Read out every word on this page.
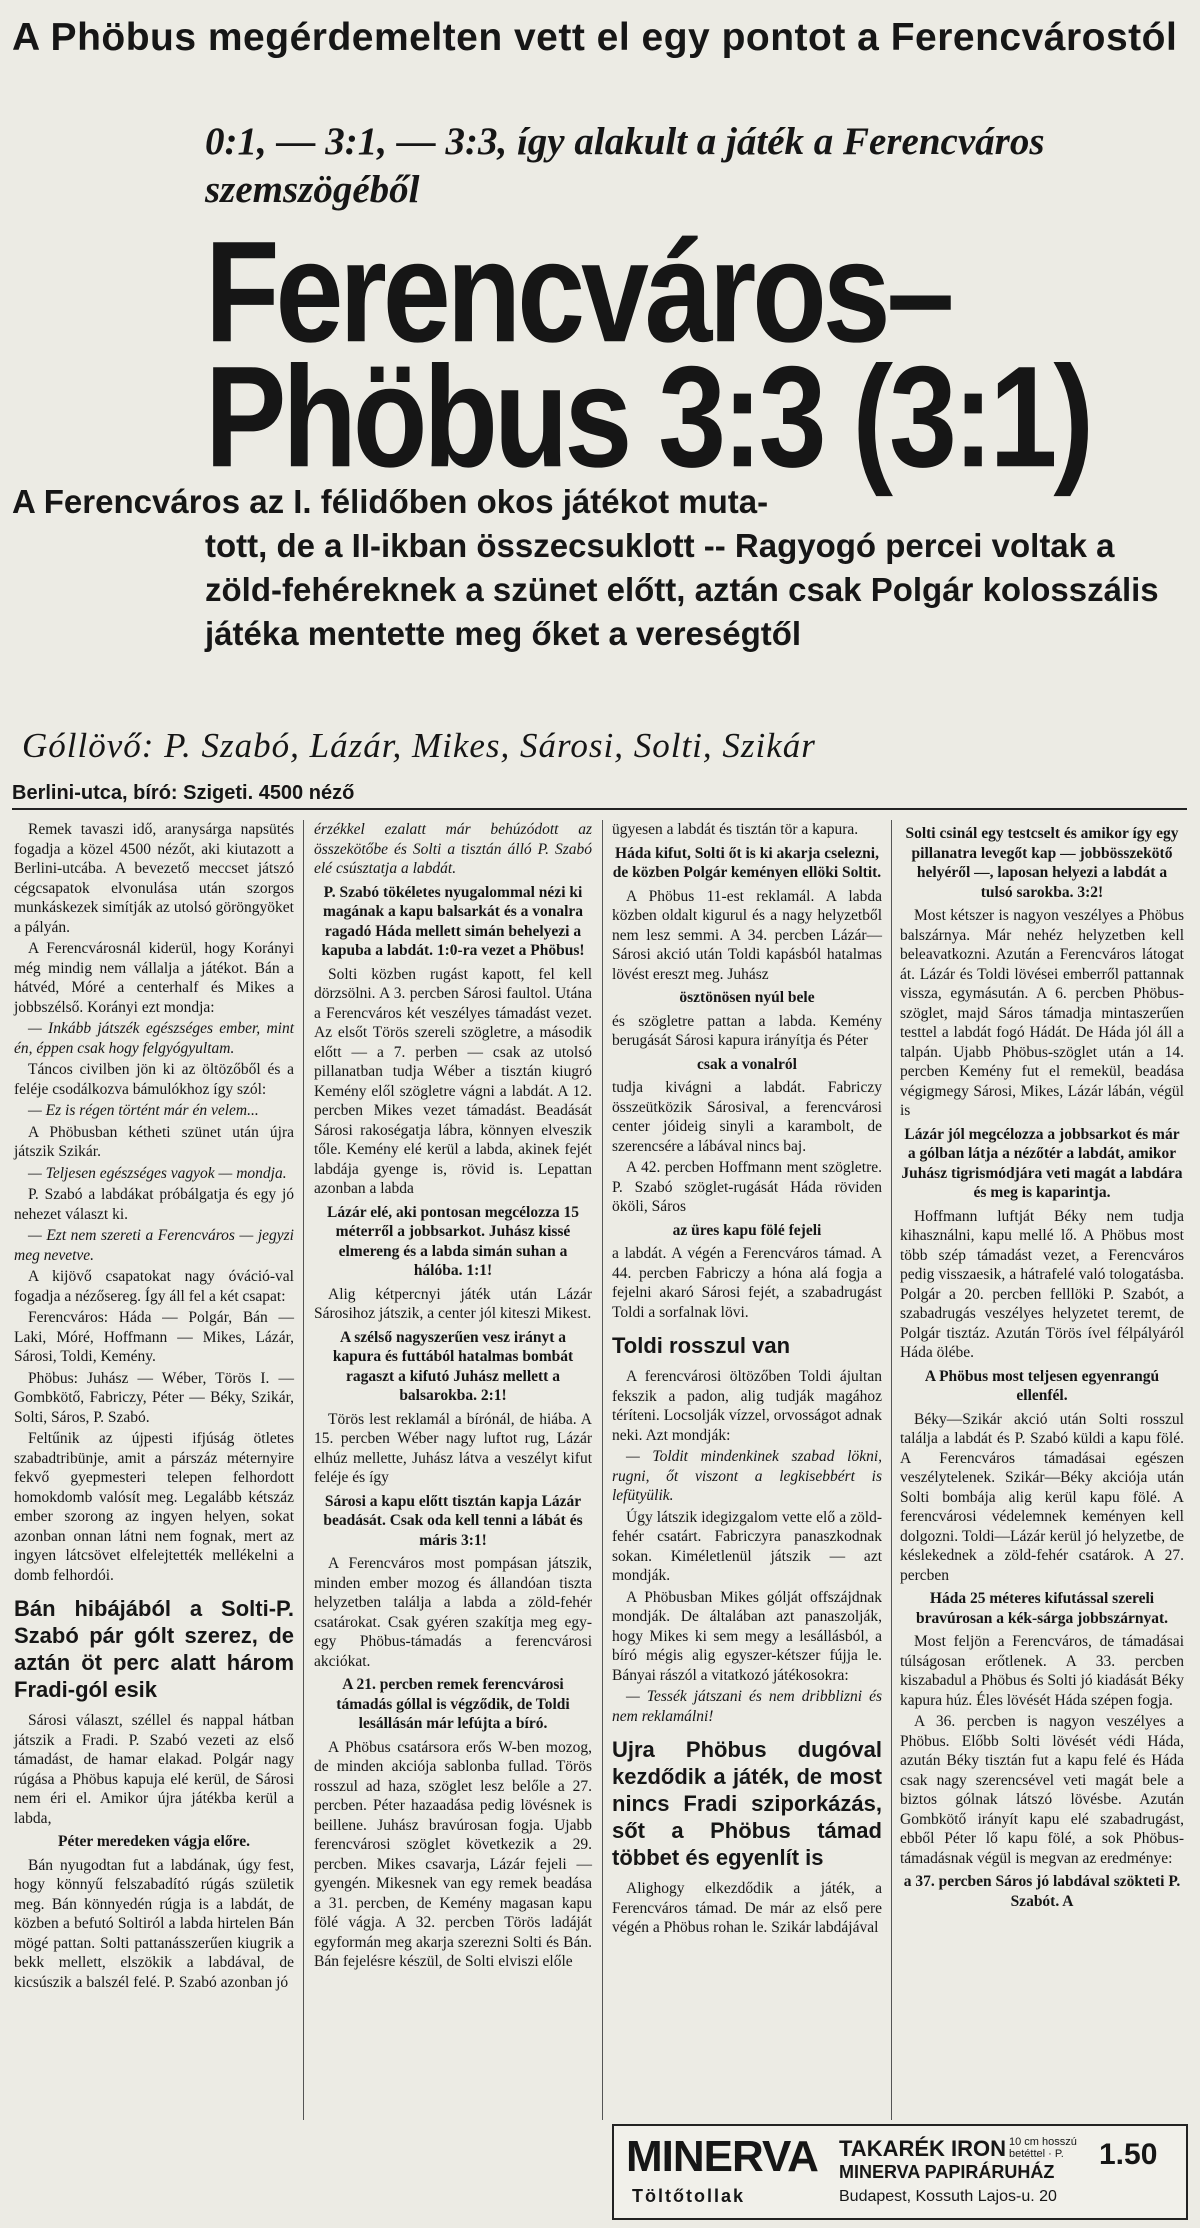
A Phöbus megérdemelten vett el egy pontot a Ferencvárostól
0:1, — 3:1, — 3:3, így alakult a játék a Ferencváros szemszögéből
Ferencváros–
Phöbus 3:3 (3:1)
A Ferencváros az I. félidőben okos játékot muta-
tott, de a II-ikban összecsuklott -- Ragyogó percei voltak a zöld-fehéreknek a szünet előtt, aztán csak Polgár kolosszális játéka mentette meg őket a vereségtől
Góllövő: P. Szabó, Lázár, Mikes, Sárosi, Solti, Szikár
Berlini-utca, bíró: Szigeti. 4500 néző

Remek tavaszi idő, aranysárga napsütés fogadja a közel 4500 nézőt, aki kiutazott a Berlini-utcába. A bevezető meccset játszó cégcsapatok elvonulása után szorgos munkáskezek simítják az utolsó göröngyöket a pályán.

A Ferencvárosnál kiderül, hogy Korányi még mindig nem vállalja a játékot. Bán a hátvéd, Móré a centerhalf és Mikes a jobbszélső. Korányi ezt mondja:

— Inkább játszék egészséges ember, mint én, éppen csak hogy felgyógyultam.

Táncos civilben jön ki az öltözőből és a feléje csodálkozva bámulókhoz így szól:

— Ez is régen történt már én velem...

A Phöbusban kétheti szünet után újra játszik Szikár.

— Teljesen egészséges vagyok — mondja.

P. Szabó a labdákat próbálgatja és egy jó nehezet választ ki.

— Ezt nem szereti a Ferencváros — jegyzi meg nevetve.

A kijövő csapatokat nagy óváció-val fogadja a nézősereg. Így áll fel a két csapat:

Ferencváros: Háda — Polgár, Bán — Laki, Móré, Hoffmann — Mikes, Lázár, Sárosi, Toldi, Kemény.

Phöbus: Juhász — Wéber, Törös I. — Gombkötő, Fabriczy, Péter — Béky, Szikár, Solti, Sáros, P. Szabó.

Feltűnik az újpesti ifjúság ötletes szabadtribünje, amit a párszáz méternyire fekvő gyepmesteri telepen felhordott homokdomb valósít meg. Legalább kétszáz ember szorong az ingyen helyen, sokat azonban onnan látni nem fognak, mert az ingyen látcsövet elfelejtették mellékelni a domb felhordói.

Bán hibájából a Solti-P. Szabó pár gólt szerez, de aztán öt perc alatt három Fradi-gól esik

Sárosi választ, széllel és nappal hátban játszik a Fradi. P. Szabó vezeti az első támadást, de hamar elakad. Polgár nagy rúgása a Phöbus kapuja elé kerül, de Sárosi nem éri el. Amikor újra játékba kerül a labda,

Péter meredeken vágja előre.

Bán nyugodtan fut a labdának, úgy fest, hogy könnyű felszabadító rúgás születik meg. Bán könnyedén rúgja is a labdát, de közben a befutó Soltiról a labda hirtelen Bán mögé pattan. Solti pattanásszerűen kiugrik a bekk mellett, elszökik a labdával, de kicsúszik a balszél felé. P. Szabó azonban jó

érzékkel ezalatt már behúzódott az összekötőbe és Solti a tisztán álló P. Szabó elé csúsztatja a labdát.

P. Szabó tökéletes nyugalommal nézi ki magának a kapu balsarkát és a vonalra ragadó Háda mellett simán behelyezi a kapuba a labdát. 1:0-ra vezet a Phöbus!

Solti közben rugást kapott, fel kell dörzsölni. A 3. percben Sárosi faultol. Utána a Ferencváros két veszélyes támadást vezet. Az elsőt Törös szereli szögletre, a második előtt — a 7. perben — csak az utolsó pillanatban tudja Wéber a tisztán kiugró Kemény elől szögletre vágni a labdát. A 12. percben Mikes vezet támadást. Beadását Sárosi rakoségatja lábra, könnyen elveszik tőle. Kemény elé kerül a labda, akinek fejét labdája gyenge is, rövid is. Lepattan azonban a labda

Lázár elé, aki pontosan megcélozza 15 méterről a jobbsarkot. Juhász kissé elmereng és a labda simán suhan a hálóba. 1:1!

Alig kétpercnyi játék után Lázár Sárosihoz játszik, a center jól kiteszi Mikest.

A szélső nagyszerűen vesz irányt a kapura és futtából hatalmas bombát ragaszt a kifutó Juhász mellett a balsarokba. 2:1!

Törös lest reklamál a bírónál, de hiába. A 15. percben Wéber nagy luftot rug, Lázár elhúz mellette, Juhász látva a veszélyt kifut feléje és így

Sárosi a kapu előtt tisztán kapja Lázár beadását. Csak oda kell tenni a lábát és máris 3:1!

A Ferencváros most pompásan játszik, minden ember mozog és állandóan tiszta helyzetben találja a labda a zöld-fehér csatárokat. Csak gyéren szakítja meg egy-egy Phöbus-támadás a ferencvárosi akciókat.

A 21. percben remek ferencvárosi támadás góllal is végződik, de Toldi lesállásán már lefújta a bíró.

A Phöbus csatársora erős W-ben mozog, de minden akciója sablonba fullad. Törös rosszul ad haza, szöglet lesz belőle a 27. percben. Péter hazaadása pedig lövésnek is beillene. Juhász bravúrosan fogja. Ujabb ferencvárosi szöglet következik a 29. percben. Mikes csavarja, Lázár fejeli — gyengén. Mikesnek van egy remek beadása a 31. percben, de Kemény magasan kapu fölé vágja. A 32. percben Törös ladáját egyformán meg akarja szerezni Solti és Bán. Bán fejelésre készül, de Solti elviszi előle

ügyesen a labdát és tisztán tör a kapura.

Háda kifut, Solti őt is ki akarja cselezni, de közben Polgár keményen ellöki Soltit.

A Phöbus 11-est reklamál. A labda közben oldalt kigurul és a nagy helyzetből nem lesz semmi. A 34. percben Lázár—Sárosi akció után Toldi kapásból hatalmas lövést ereszt meg. Juhász

ösztönösen nyúl bele

és szögletre pattan a labda. Kemény berugását Sárosi kapura irányítja és Péter

csak a vonalról

tudja kivágni a labdát. Fabriczy összeütközik Sárosival, a ferencvárosi center jóideig sinyli a karambolt, de szerencsére a lábával nincs baj.

A 42. percben Hoffmann ment szögletre. P. Szabó szöglet-rugását Háda röviden ököli, Sáros

az üres kapu fölé fejeli

a labdát. A végén a Ferencváros támad. A 44. percben Fabriczy a hóna alá fogja a fejelni akaró Sárosi fejét, a szabadrugást Toldi a sorfalnak lövi.

Toldi rosszul van

A ferencvárosi öltözőben Toldi ájultan fekszik a padon, alig tudják magához téríteni. Locsolják vízzel, orvosságot adnak neki. Azt mondják:

— Toldit mindenkinek szabad lökni, rugni, őt viszont a legkisebbért is lefütyülik.

Úgy látszik idegizgalom vette elő a zöld-fehér csatárt. Fabriczyra panaszkodnak sokan. Kiméletlenül játszik — azt mondják.

A Phöbusban Mikes gólját offszájdnak mondják. De általában azt panaszolják, hogy Mikes ki sem megy a lesállásból, a bíró mégis alig egyszer-kétszer fújja le. Bányai rászól a vitatkozó játékosokra:

— Tessék játszani és nem dribblizni és nem reklamálni!

Ujra Phöbus dugóval kezdődik a játék, de most nincs Fradi sziporkázás, sőt a Phöbus támad többet és egyenlít is

Alighogy elkezdődik a játék, a Ferencváros támad. De már az első pere végén a Phöbus rohan le. Szikár labdájával

Solti csinál egy testcselt és amikor így egy pillanatra levegőt kap — jobbösszekötő helyéről —, laposan helyezi a labdát a tulsó sarokba. 3:2!

Most kétszer is nagyon veszélyes a Phöbus balszárnya. Már nehéz helyzetben kell beleavatkozni. Azután a Ferencváros látogat át. Lázár és Toldi lövései emberről pattannak vissza, egymásután. A 6. percben Phöbus-szöglet, majd Sáros támadja mintaszerűen testtel a labdát fogó Hádát. De Háda jól áll a talpán. Ujabb Phöbus-szöglet után a 14. percben Kemény fut el remekül, beadása végigmegy Sárosi, Mikes, Lázár lábán, végül is

Lázár jól megcélozza a jobbsarkot és már a gólban látja a nézőtér a labdát, amikor Juhász tigrismódjára veti magát a labdára és meg is kaparintja.

Hoffmann luftját Béky nem tudja kihasználni, kapu mellé lő. A Phöbus most több szép támadást vezet, a Ferencváros pedig visszaesik, a hátrafelé való tologatásba. Polgár a 20. percben felllöki P. Szabót, a szabadrugás veszélyes helyzetet teremt, de Polgár tisztáz. Azután Törös ível félpályáról Háda ölébe.

A Phöbus most teljesen egyenrangú ellenfél.

Béky—Szikár akció után Solti rosszul találja a labdát és P. Szabó küldi a kapu fölé. A Ferencváros támadásai egészen veszélytelenek. Szikár—Béky akciója után Solti bombája alig kerül kapu fölé. A ferencvárosi védelemnek keményen kell dolgozni. Toldi—Lázár kerül jó helyzetbe, de késlekednek a zöld-fehér csatárok. A 27. percben

Háda 25 méteres kifutással szereli bravúrosan a kék-sárga jobbszárnyat.

Most feljön a Ferencváros, de támadásai túlságosan erőtlenek. A 33. percben kiszabadul a Phöbus és Solti jó kiadását Béky kapura húz. Éles lövését Háda szépen fogja.

A 36. percben is nagyon veszélyes a Phöbus. Előbb Solti lövését védi Háda, azután Béky tisztán fut a kapu felé és Háda csak nagy szerencsével veti magát bele a biztos gólnak látszó lövésbe. Azután Gombkötő irányít kapu elé szabadrugást, ebből Péter lő kapu fölé, a sok Phöbus-támadásnak végül is megvan az eredménye:

a 37. percben Sáros jó labdával szökteti P. Szabót. A

MINERVA
Töltőtollak
TAKARÉK IRON 10 cm hosszú betéttel · P.	1.50
MINERVA PAPIRÁRUHÁZ
Budapest, Kossuth Lajos-u. 20
